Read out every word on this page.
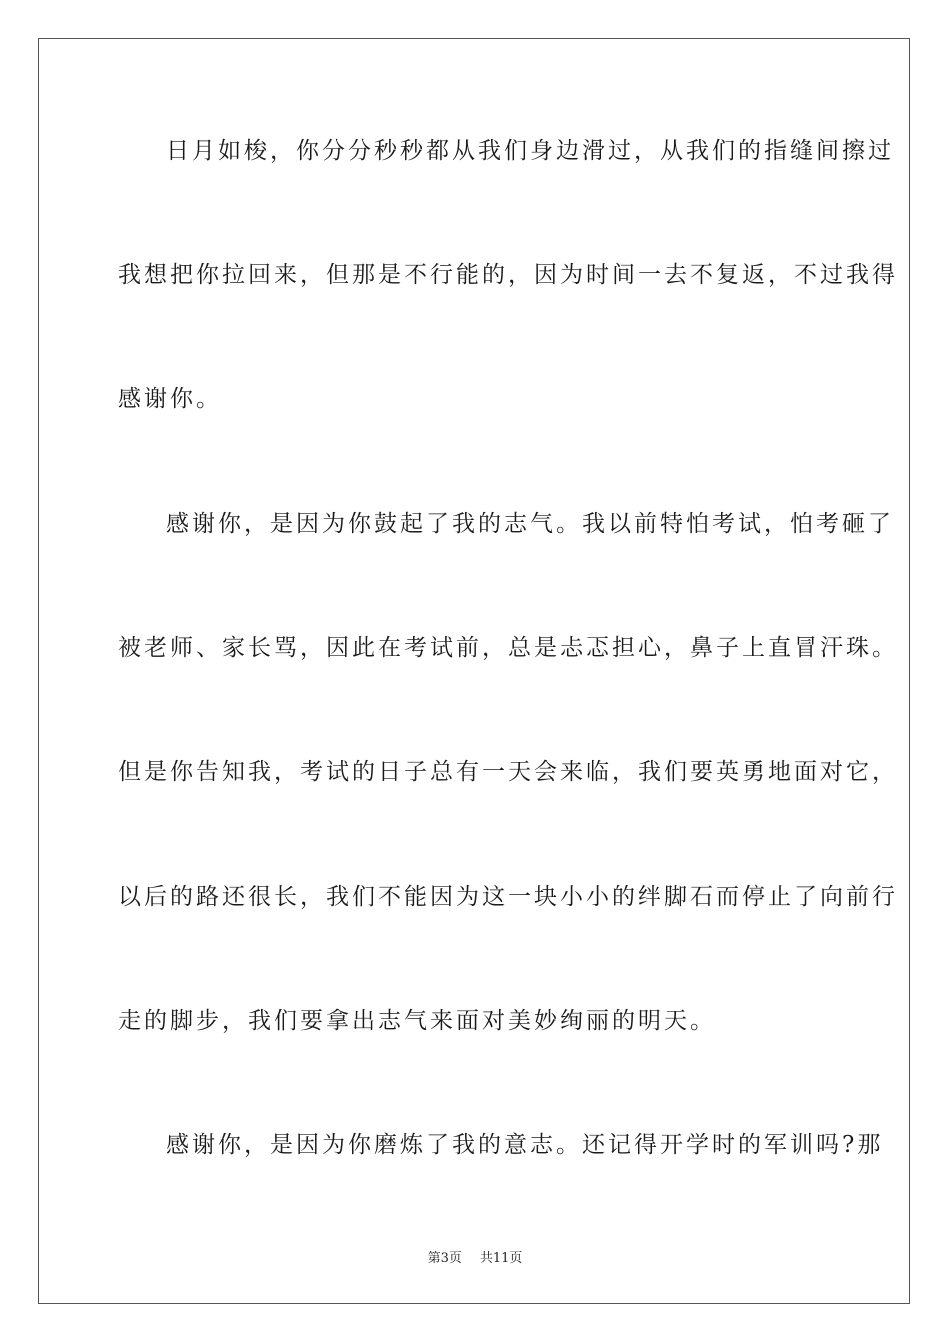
日月如梭，你分分秒秒都从我们身边滑过，从我们的指缝间擦过
我想把你拉回来，但那是不行能的，因为时间一去不复返，不过我得
感谢你。
感谢你，是因为你鼓起了我的志气。我以前特怕考试，怕考砸了
被老师、家长骂，因此在考试前，总是忐忑担心，鼻子上直冒汗珠。
但是你告知我，考试的日子总有一天会来临，我们要英勇地面对它，
以后的路还很长，我们不能因为这一块小小的绊脚石而停止了向前行
走的脚步，我们要拿出志气来面对美妙绚丽的明天。
感谢你，是因为你磨炼了我的意志。还记得开学时的军训吗?那
第3页 共11页
